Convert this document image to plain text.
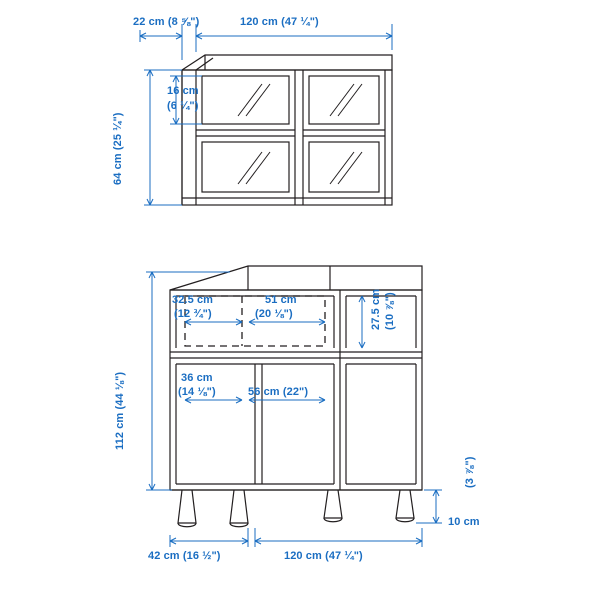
22 cm (8 ⅝")	120 cm (47 ¼")
64 cm (25 ¼")
16 cm
(6 ¼")
32.5 cm
(12 ¾")
51 cm
(20 ⅛")	27.5 cm (10 ⅞")
36 cm
(14 ⅛")	56 cm (22")
112 cm (44 ⅛")
42 cm (16 ½")	120 cm (47 ¼")
10 cm
(3 ⅞")
